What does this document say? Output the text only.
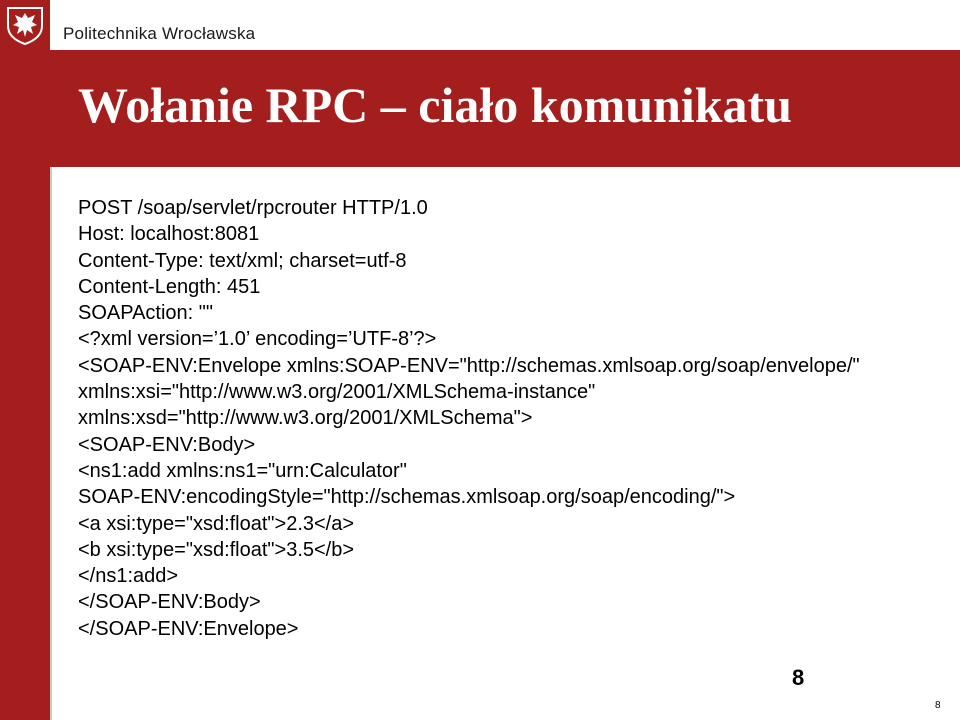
Politechnika Wrocławska
Wołanie RPC – ciało komunikatu
POST /soap/servlet/rpcrouter HTTP/1.0
Host: localhost:8081
Content-Type: text/xml; charset=utf-8
Content-Length: 451
SOAPAction: ""
<?xml version=’1.0’ encoding=’UTF-8’?>
<SOAP-ENV:Envelope xmlns:SOAP-ENV="http://schemas.xmlsoap.org/soap/envelope/"
xmlns:xsi="http://www.w3.org/2001/XMLSchema-instance"
xmlns:xsd="http://www.w3.org/2001/XMLSchema">
<SOAP-ENV:Body>
<ns1:add xmlns:ns1="urn:Calculator"
SOAP-ENV:encodingStyle="http://schemas.xmlsoap.org/soap/encoding/">
<a xsi:type="xsd:float">2.3</a>
<b xsi:type="xsd:float">3.5</b>
</ns1:add>
</SOAP-ENV:Body>
</SOAP-ENV:Envelope>
8
8
